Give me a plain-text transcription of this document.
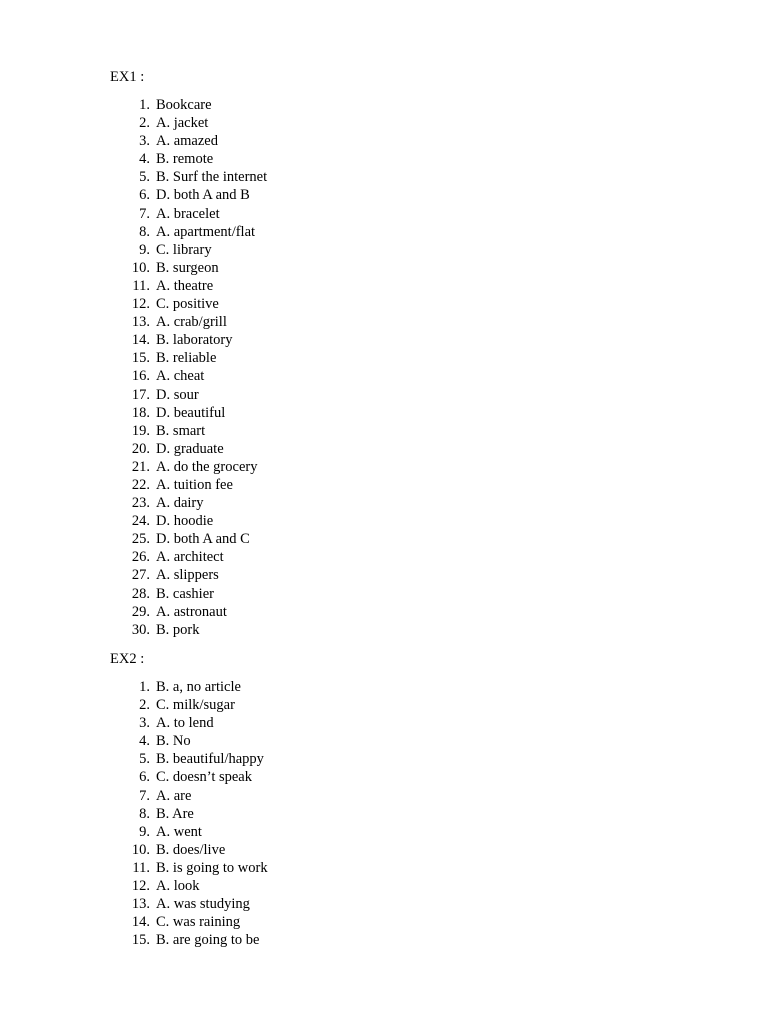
EX1 :

1. Bookcare
2. A. jacket
3. A. amazed
4. B. remote
5. B. Surf the internet
6. D. both A and B
7. A. bracelet
8. A. apartment/flat
9. C. library
10. B. surgeon
11. A. theatre
12. C. positive
13. A. crab/grill
14. B. laboratory
15. B. reliable
16. A. cheat
17. D. sour
18. D. beautiful
19. B. smart
20. D. graduate
21. A. do the grocery
22. A. tuition fee
23. A. dairy
24. D. hoodie
25. D. both A and C
26. A. architect
27. A. slippers
28. B. cashier
29. A. astronaut
30. B. pork

EX2 :

1. B. a, no article
2. C. milk/sugar
3. A. to lend
4. B. No
5. B. beautiful/happy
6. C. doesn’t speak
7. A. are
8. B. Are
9. A. went
10. B. does/live
11. B. is going to work
12. A. look
13. A. was studying
14. C. was raining
15. B. are going to be
